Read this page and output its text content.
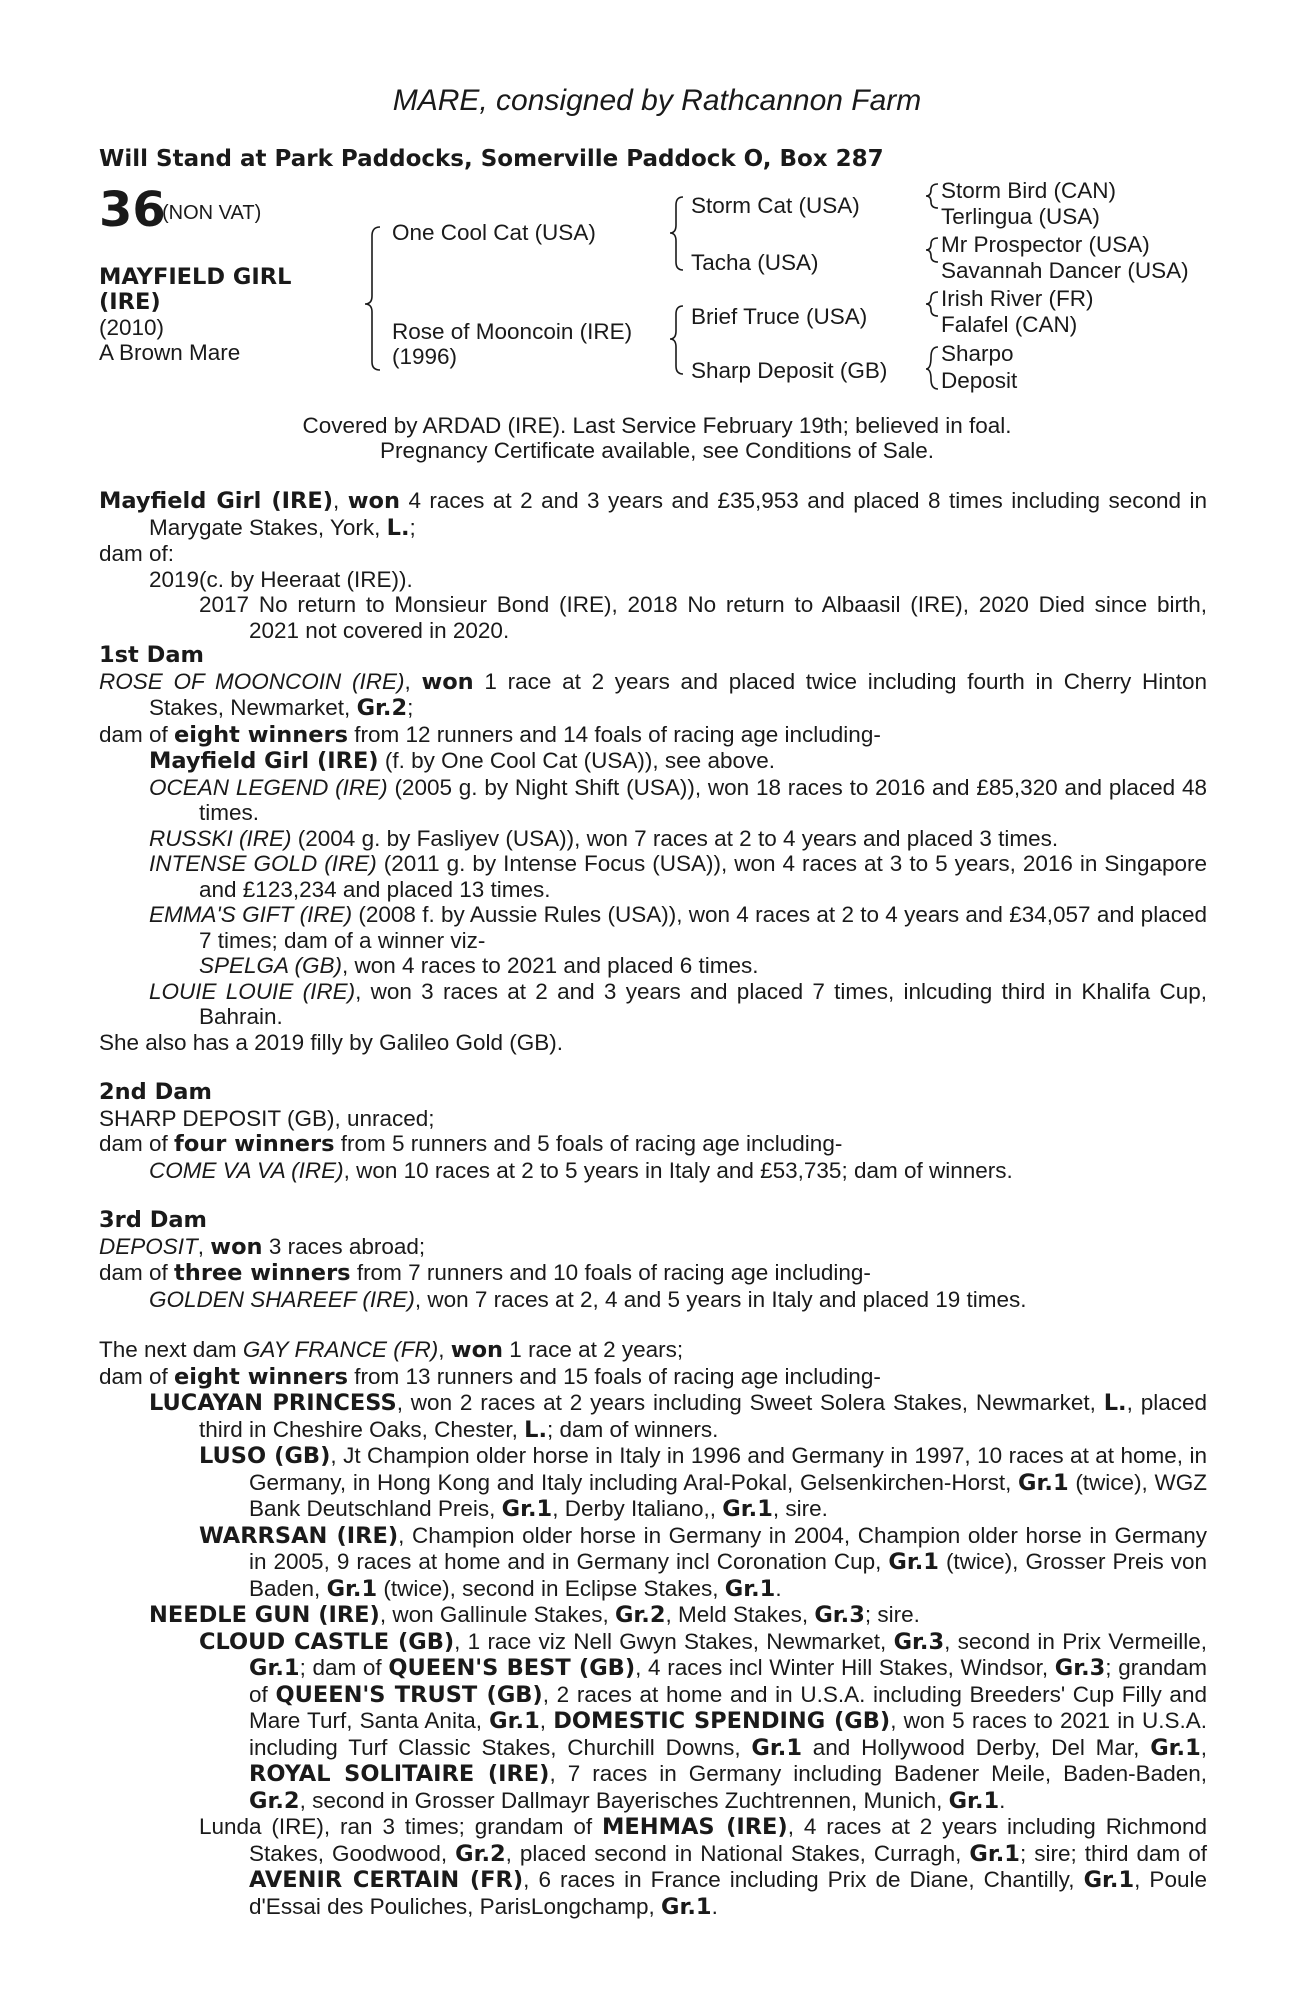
MARE, consigned by Rathcannon Farm
Will Stand at Park Paddocks, Somerville Paddock O, Box 287
36
(NON VAT)
MAYFIELD GIRL
(IRE)
(2010)
A Brown Mare
One Cool Cat (USA)
Rose of Mooncoin (IRE)
(1996)
Storm Cat (USA)
Tacha (USA)
Brief Truce (USA)
Sharp Deposit (GB)
Storm Bird (CAN)
Terlingua (USA)
Mr Prospector (USA)
Savannah Dancer (USA)
Irish River (FR)
Falafel (CAN)
Sharpo
Deposit
Covered by ARDAD (IRE). Last Service February 19th; believed in foal.
Pregnancy Certificate available, see Conditions of Sale.

Mayfield Girl (IRE), won 4 races at 2 and 3 years and £35,953 and placed 8 times including second in Marygate Stakes, York, L.;

dam of:

2019 (c. by Heeraat (IRE)).

2017 No return to Monsieur Bond (IRE), 2018 No return to Albaasil (IRE), 2020 Died since birth, 2021 not covered in 2020.

1st Dam

ROSE OF MOONCOIN (IRE), won 1 race at 2 years and placed twice including fourth in Cherry Hinton Stakes, Newmarket, Gr.2;

dam of eight winners from 12 runners and 14 foals of racing age including-

Mayfield Girl (IRE) (f. by One Cool Cat (USA)), see above.

OCEAN LEGEND (IRE) (2005 g. by Night Shift (USA)), won 18 races to 2016 and £85,320 and placed 48 times.

RUSSKI (IRE) (2004 g. by Fasliyev (USA)), won 7 races at 2 to 4 years and placed 3 times.

INTENSE GOLD (IRE) (2011 g. by Intense Focus (USA)), won 4 races at 3 to 5 years, 2016 in Singapore and £123,234 and placed 13 times.

EMMA'S GIFT (IRE) (2008 f. by Aussie Rules (USA)), won 4 races at 2 to 4 years and £34,057 and placed 7 times; dam of a winner viz-

SPELGA (GB), won 4 races to 2021 and placed 6 times.

LOUIE LOUIE (IRE), won 3 races at 2 and 3 years and placed 7 times, inlcuding third in Khalifa Cup, Bahrain.

She also has a 2019 filly by Galileo Gold (GB).

2nd Dam

SHARP DEPOSIT (GB), unraced;

dam of four winners from 5 runners and 5 foals of racing age including-

COME VA VA (IRE), won 10 races at 2 to 5 years in Italy and £53,735; dam of winners.

3rd Dam

DEPOSIT, won 3 races abroad;

dam of three winners from 7 runners and 10 foals of racing age including-

GOLDEN SHAREEF (IRE), won 7 races at 2, 4 and 5 years in Italy and placed 19 times.

The next dam GAY FRANCE (FR), won 1 race at 2 years;

dam of eight winners from 13 runners and 15 foals of racing age including-

LUCAYAN PRINCESS, won 2 races at 2 years including Sweet Solera Stakes, Newmarket, L., placed third in Cheshire Oaks, Chester, L.; dam of winners.

LUSO (GB), Jt Champion older horse in Italy in 1996 and Germany in 1997, 10 races at at home, in Germany, in Hong Kong and Italy including Aral-Pokal, Gelsenkirchen-Horst, Gr.1 (twice), WGZ Bank Deutschland Preis, Gr.1, Derby Italiano,, Gr.1, sire.

WARRSAN (IRE), Champion older horse in Germany in 2004, Champion older horse in Germany in 2005, 9 races at home and in Germany incl Coronation Cup, Gr.1 (twice), Grosser Preis von Baden, Gr.1 (twice), second in Eclipse Stakes, Gr.1.

NEEDLE GUN (IRE), won Gallinule Stakes, Gr.2, Meld Stakes, Gr.3; sire.

CLOUD CASTLE (GB), 1 race viz Nell Gwyn Stakes, Newmarket, Gr.3, second in Prix Vermeille, Gr.1; dam of QUEEN'S BEST (GB), 4 races incl Winter Hill Stakes, Windsor, Gr.3; grandam of QUEEN'S TRUST (GB), 2 races at home and in U.S.A. including Breeders' Cup Filly and Mare Turf, Santa Anita, Gr.1, DOMESTIC SPENDING (GB), won 5 races to 2021 in U.S.A. including Turf Classic Stakes, Churchill Downs, Gr.1 and Hollywood Derby, Del Mar, Gr.1, ROYAL SOLITAIRE (IRE), 7 races in Germany including Badener Meile, Baden-Baden, Gr.2, second in Grosser Dallmayr Bayerisches Zuchtrennen, Munich, Gr.1.

Lunda (IRE), ran 3 times; grandam of MEHMAS (IRE), 4 races at 2 years including Richmond Stakes, Goodwood, Gr.2, placed second in National Stakes, Curragh, Gr.1; sire; third dam of AVENIR CERTAIN (FR), 6 races in France including Prix de Diane, Chantilly, Gr.1, Poule d'Essai des Pouliches, ParisLongchamp, Gr.1.
